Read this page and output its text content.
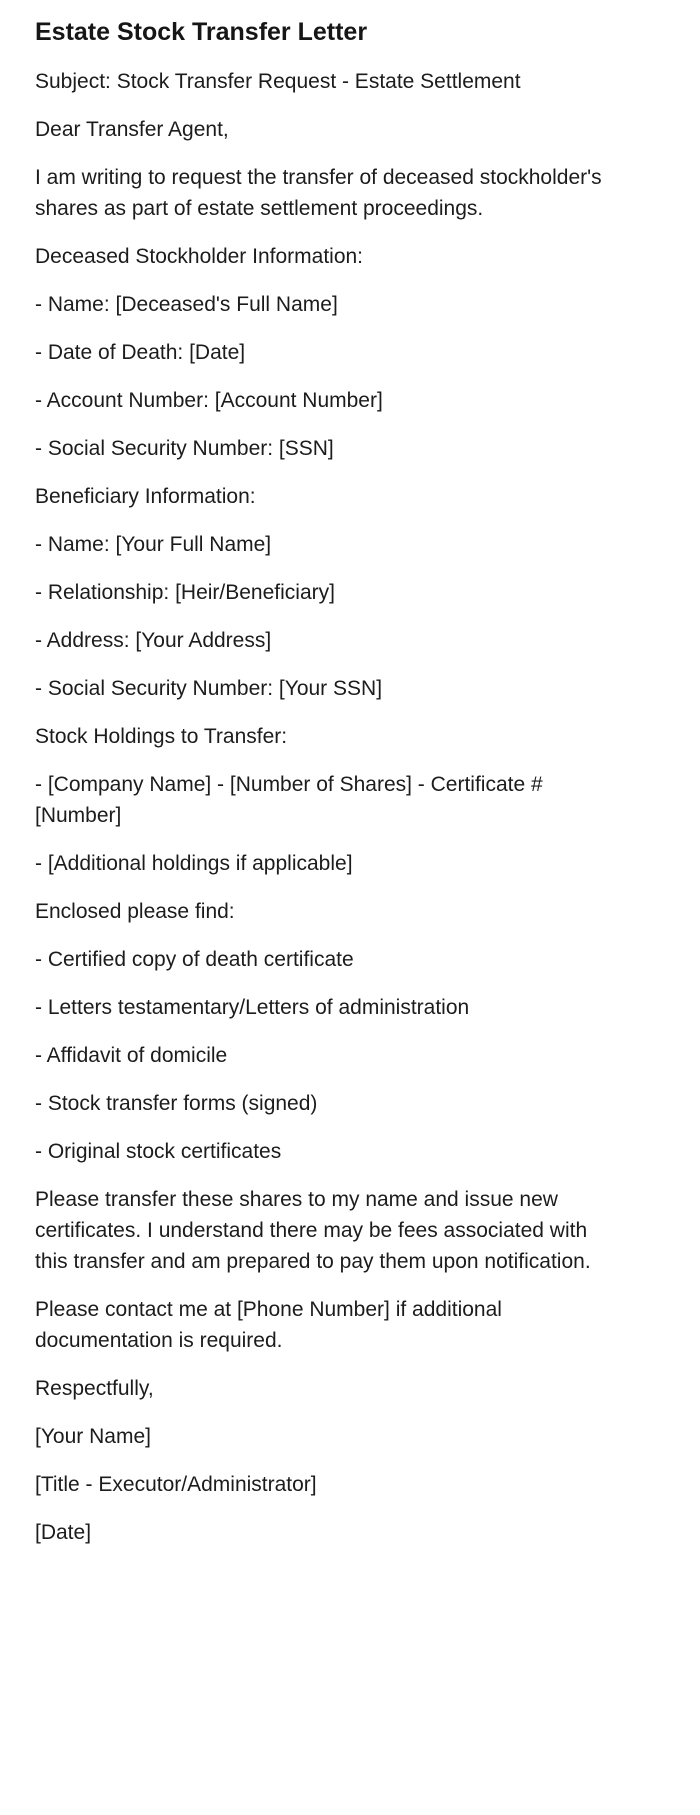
Estate Stock Transfer Letter

Subject: Stock Transfer Request - Estate Settlement

Dear Transfer Agent,

I am writing to request the transfer of deceased stockholder's shares as part of estate settlement proceedings.

Deceased Stockholder Information:

- Name: [Deceased's Full Name]

- Date of Death: [Date]

- Account Number: [Account Number]

- Social Security Number: [SSN]

Beneficiary Information:

- Name: [Your Full Name]

- Relationship: [Heir/Beneficiary]

- Address: [Your Address]

- Social Security Number: [Your SSN]

Stock Holdings to Transfer:

- [Company Name] - [Number of Shares] - Certificate #[Number]

- [Additional holdings if applicable]

Enclosed please find:

- Certified copy of death certificate

- Letters testamentary/Letters of administration

- Affidavit of domicile

- Stock transfer forms (signed)

- Original stock certificates

Please transfer these shares to my name and issue new certificates. I understand there may be fees associated with this transfer and am prepared to pay them upon notification.

Please contact me at [Phone Number] if additional documentation is required.

Respectfully,

[Your Name]

[Title - Executor/Administrator]

[Date]
